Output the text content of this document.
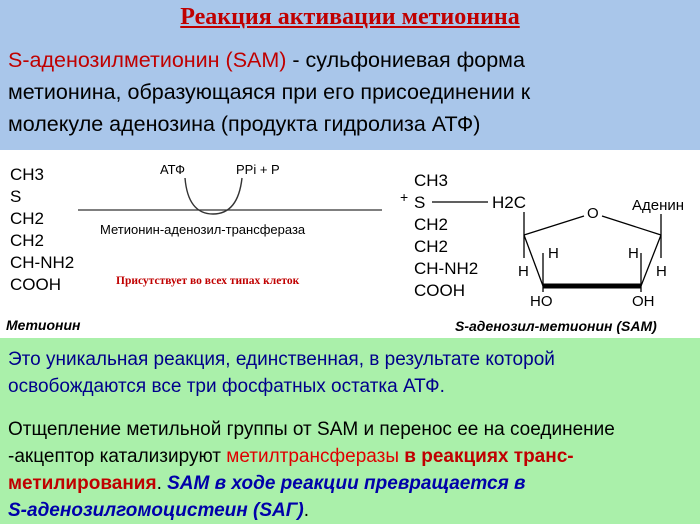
Реакция активации метионина
S-аденозилметионин (SAM) - сульфониевая форма
метионина, образующаяся при его присоединении к
молекуле аденозина (продукта гидролиза АТФ)
CH3
S
CH2
CH2
CH-NH2
COOH
Метионин
АТФ	PPi + P
Метионин-аденозил-трансфераза
Присутствует во всех типах клеток
+
CH3
S
CH2
CH2
CH-NH2
COOH
H2C
O Аденин
H	H
H	H
HO	OH
S-аденозил-метионин (SAM)
Это уникальная реакция, единственная, в результате которой
освобождаются все три фосфатных остатка АТФ.
Отщепление метильной группы от SAM и перенос ее на соединение
-акцептор катализируют метилтрансферазы в реакциях транс-
метилирования. SAM в ходе реакции превращается в
S-аденозилгомоцистеин (SAГ).
